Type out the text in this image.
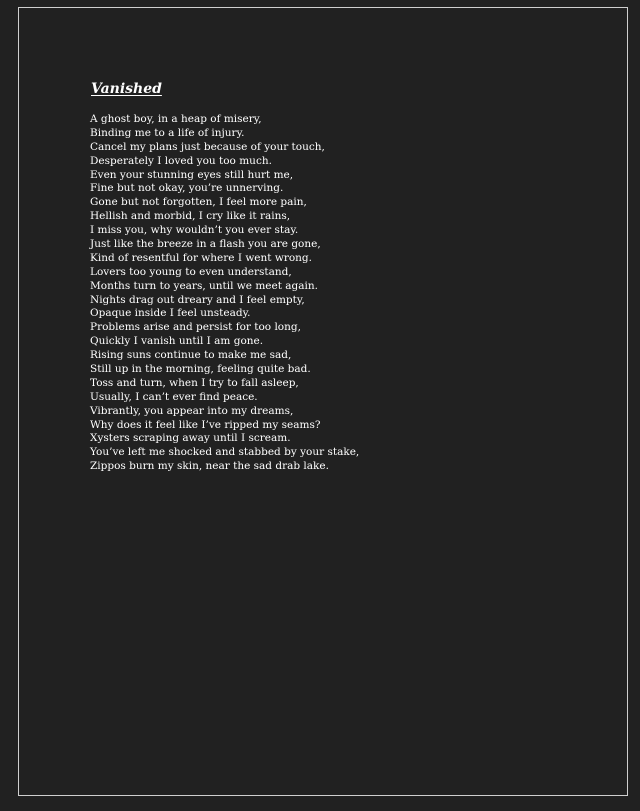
Vanished
A ghost boy, in a heap of misery,
Binding me to a life of injury.
Cancel my plans just because of your touch,
Desperately I loved you too much.
Even your stunning eyes still hurt me,
Fine but not okay, you’re unnerving.
Gone but not forgotten, I feel more pain,
Hellish and morbid, I cry like it rains,
I miss you, why wouldn’t you ever stay.
Just like the breeze in a flash you are gone,
Kind of resentful for where I went wrong.
Lovers too young to even understand,
Months turn to years, until we meet again.
Nights drag out dreary and I feel empty,
Opaque inside I feel unsteady.
Problems arise and persist for too long,
Quickly I vanish until I am gone.
Rising suns continue to make me sad,
Still up in the morning, feeling quite bad.
Toss and turn, when I try to fall asleep,
Usually, I can’t ever find peace.
Vibrantly, you appear into my dreams,
Why does it feel like I’ve ripped my seams?
Xysters scraping away until I scream.
You’ve left me shocked and stabbed by your stake,
Zippos burn my skin, near the sad drab lake.
